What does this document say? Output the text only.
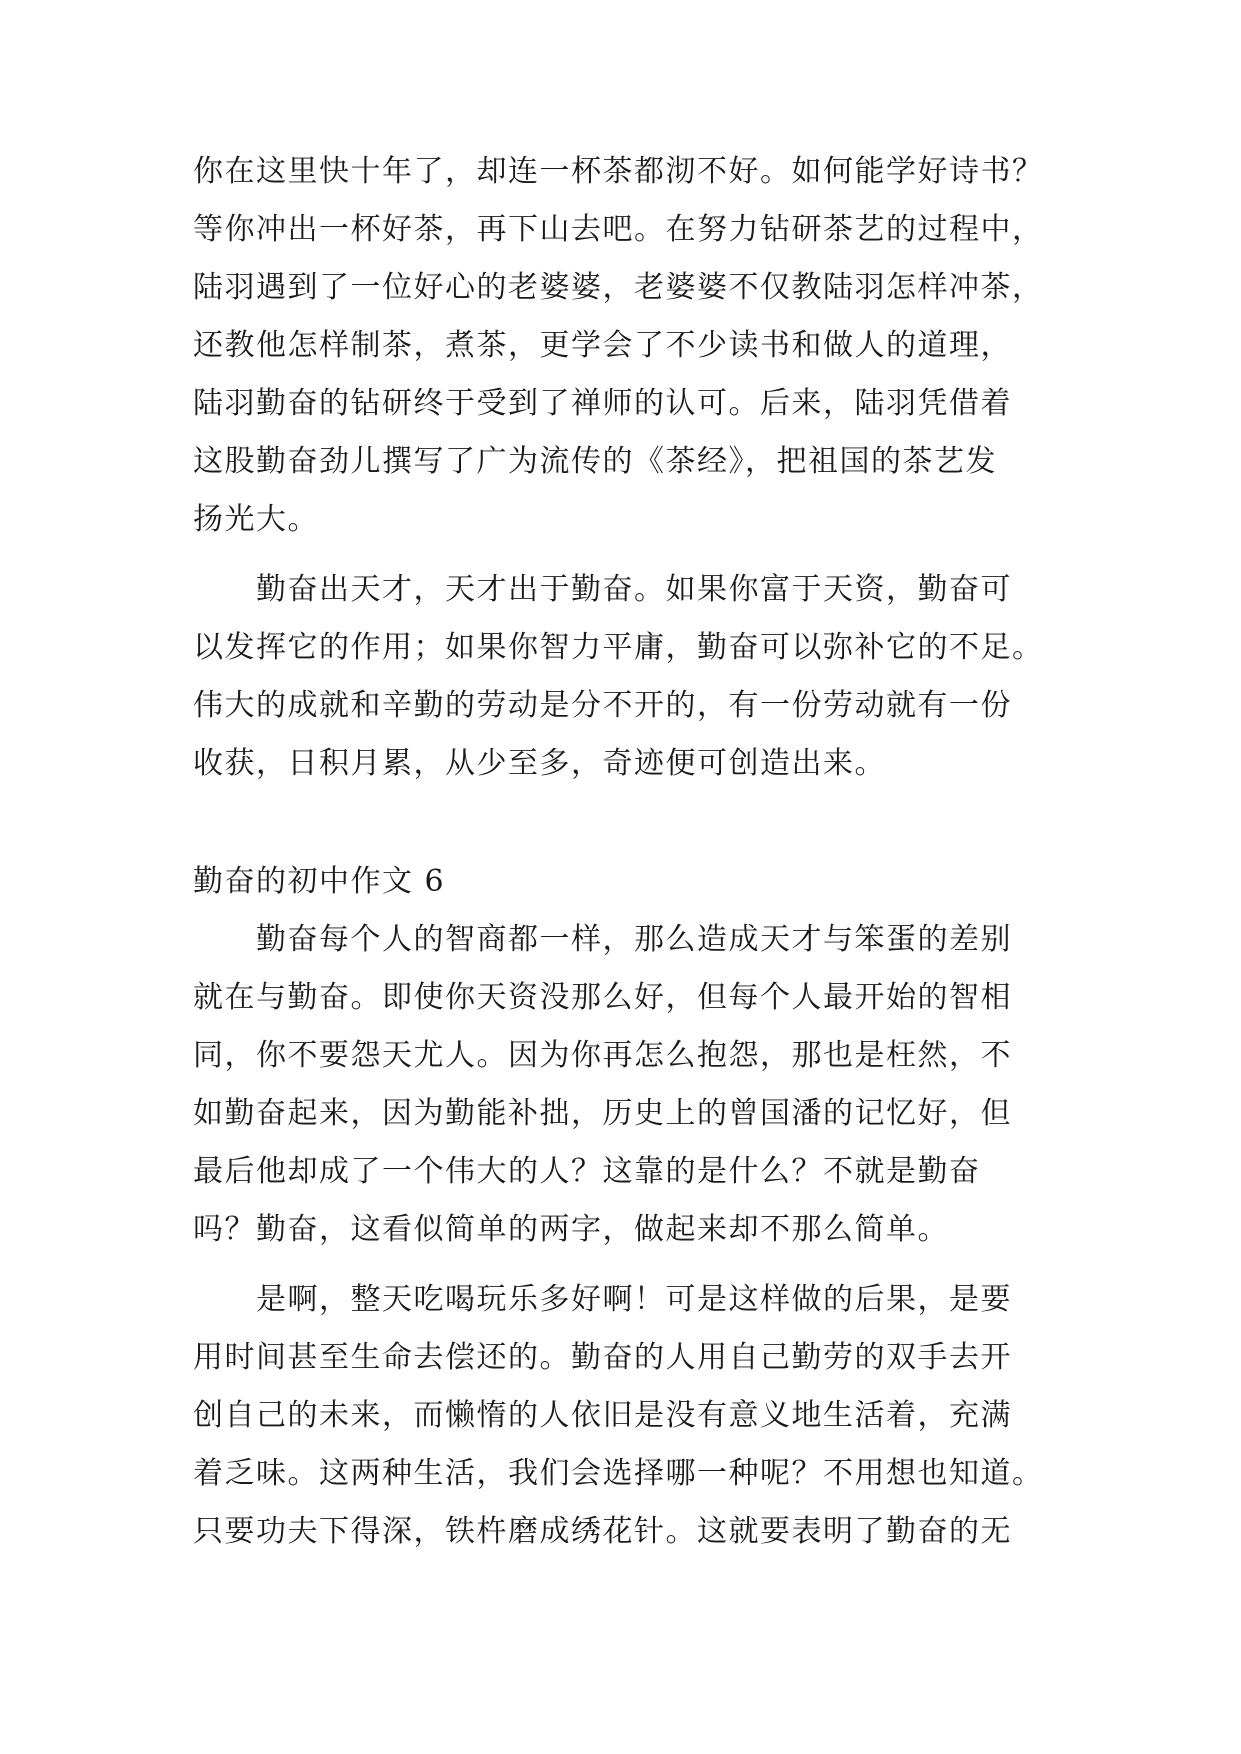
你在这里快十年了，却连一杯茶都沏不好。如何能学好诗书？
等你冲出一杯好茶，再下山去吧。在努力钻研茶艺的过程中，
陆羽遇到了一位好心的老婆婆，老婆婆不仅教陆羽怎样冲茶，
还教他怎样制茶，煮茶，更学会了不少读书和做人的道理，
陆羽勤奋的钻研终于受到了禅师的认可。后来，陆羽凭借着
这股勤奋劲儿撰写了广为流传的《茶经》，把祖国的茶艺发
扬光大。
勤奋出天才，天才出于勤奋。如果你富于天资，勤奋可
以发挥它的作用；如果你智力平庸，勤奋可以弥补它的不足。
伟大的成就和辛勤的劳动是分不开的，有一份劳动就有一份
收获，日积月累，从少至多，奇迹便可创造出来。
勤奋的初中作文 6
勤奋每个人的智商都一样，那么造成天才与笨蛋的差别
就在与勤奋。即使你天资没那么好，但每个人最开始的智相
同，你不要怨天尤人。因为你再怎么抱怨，那也是枉然，不
如勤奋起来，因为勤能补拙，历史上的曾国潘的记忆好，但
最后他却成了一个伟大的人？这靠的是什么？不就是勤奋
吗？勤奋，这看似简单的两字，做起来却不那么简单。
是啊，整天吃喝玩乐多好啊！可是这样做的后果，是要
用时间甚至生命去偿还的。勤奋的人用自己勤劳的双手去开
创自己的未来，而懒惰的人依旧是没有意义地生活着，充满
着乏味。这两种生活，我们会选择哪一种呢？不用想也知道。
只要功夫下得深，铁杵磨成绣花针。这就要表明了勤奋的无
